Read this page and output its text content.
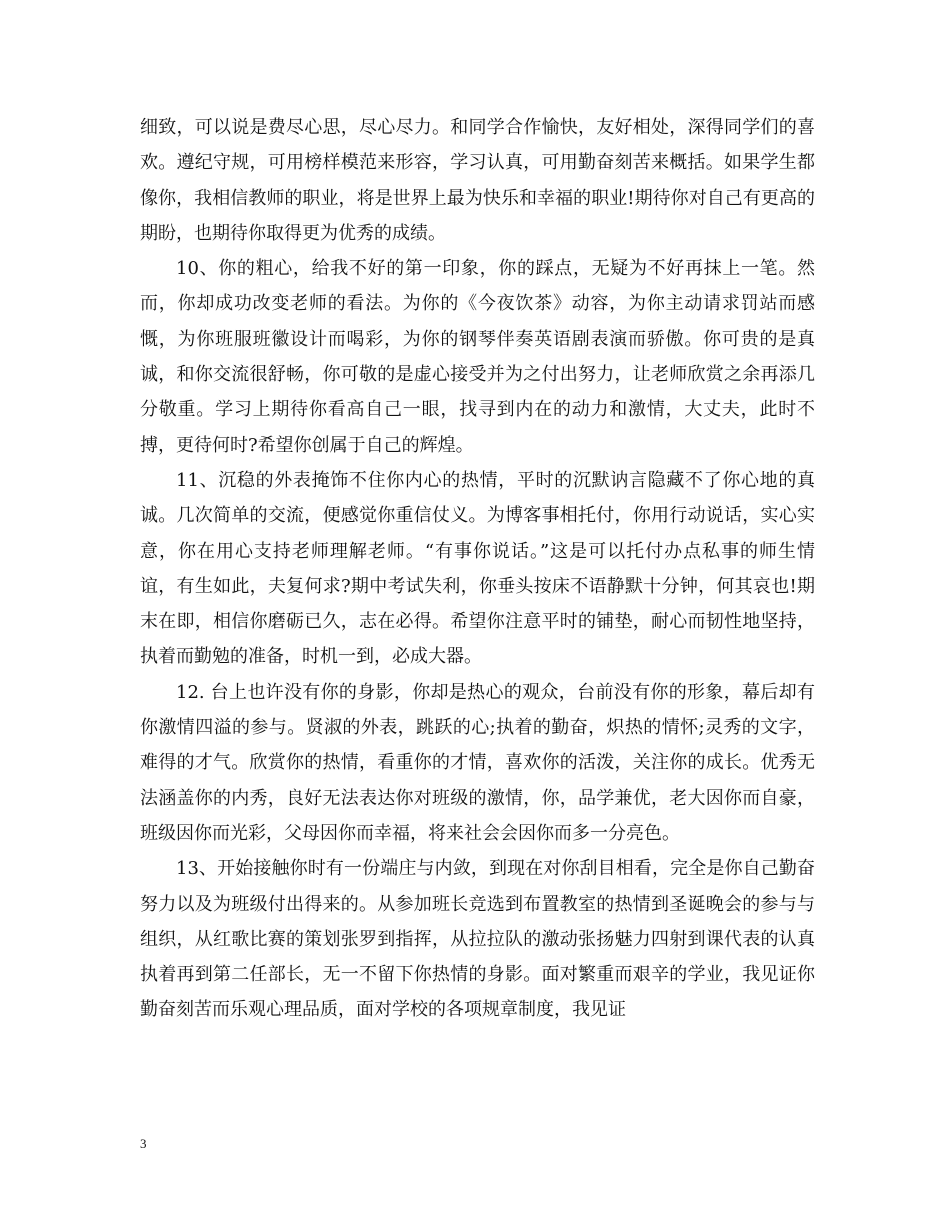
细致，可以说是费尽心思，尽心尽力。和同学合作愉快，友好相处，深得同学们的喜欢。遵纪守规，可用榜样模范来形容，学习认真，可用勤奋刻苦来概括。如果学生都像你，我相信教师的职业，将是世界上最为快乐和幸福的职业!期待你对自己有更高的期盼，也期待你取得更为优秀的成绩。

10、你的粗心，给我不好的第一印象，你的踩点，无疑为不好再抹上一笔。然而，你却成功改变老师的看法。为你的《今夜饮茶》动容，为你主动请求罚站而感慨，为你班服班徽设计而喝彩，为你的钢琴伴奏英语剧表演而骄傲。你可贵的是真诚，和你交流很舒畅，你可敬的是虚心接受并为之付出努力，让老师欣赏之余再添几分敬重。学习上期待你看高自己一眼，找寻到内在的动力和激情，大丈夫，此时不搏，更待何时?希望你创属于自己的辉煌。

11、沉稳的外表掩饰不住你内心的热情，平时的沉默讷言隐藏不了你心地的真诚。几次简单的交流，便感觉你重信仗义。为博客事相托付，你用行动说话，实心实意，你在用心支持老师理解老师。“有事你说话。”这是可以托付办点私事的师生情谊，有生如此，夫复何求?期中考试失利，你垂头按床不语静默十分钟，何其哀也!期末在即，相信你磨砺已久，志在必得。希望你注意平时的铺垫，耐心而韧性地坚持，执着而勤勉的准备，时机一到，必成大器。

12. 台上也许没有你的身影，你却是热心的观众，台前没有你的形象，幕后却有你激情四溢的参与。贤淑的外表，跳跃的心;执着的勤奋，炽热的情怀;灵秀的文字，难得的才气。欣赏你的热情，看重你的才情，喜欢你的活泼，关注你的成长。优秀无法涵盖你的内秀，良好无法表达你对班级的激情，你，品学兼优，老大因你而自豪，班级因你而光彩，父母因你而幸福，将来社会会因你而多一分亮色。

13、开始接触你时有一份端庄与内敛，到现在对你刮目相看，完全是你自己勤奋努力以及为班级付出得来的。从参加班长竞选到布置教室的热情到圣诞晚会的参与与组织，从红歌比赛的策划张罗到指挥，从拉拉队的激动张扬魅力四射到课代表的认真执着再到第二任部长，无一不留下你热情的身影。面对繁重而艰辛的学业，我见证你勤奋刻苦而乐观心理品质，面对学校的各项规章制度，我见证

3
